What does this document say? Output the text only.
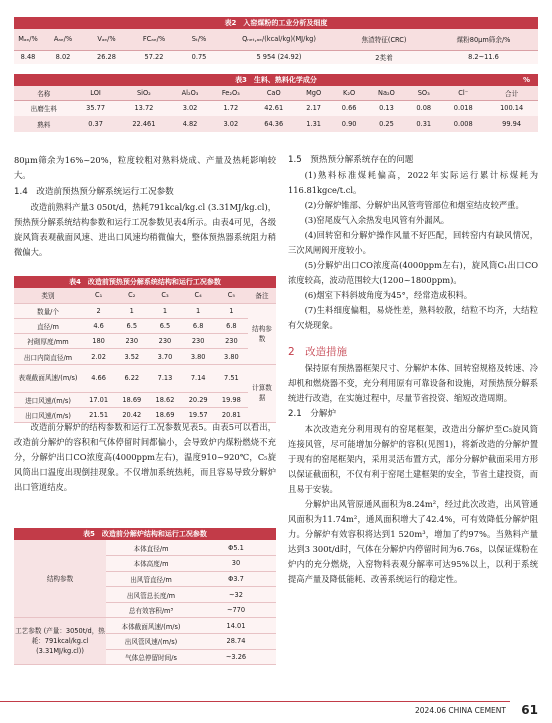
表2　入窑煤粉的工业分析及细度
Mₐₑ/%	Aₐₑ/%	Vₐₑ/%	FCₐₑ/%	Sₜ/%	Qₙₑₜ,ₐₑ/(kcal/kg)(MJ/kg)	焦渣特征(CRC)	煤粉80μm筛余/%
8.48	8.02	26.28	57.22	0.75	5 954 (24.92)	2类着	8.2~11.6
表3　生料、熟料化学成分	%
名称	LOI	SiO₂	Al₂O₃	Fe₂O₃	CaO	MgO	K₂O	Na₂O	SO₃	Cl⁻	合计
出磨生料	35.77	13.72	3.02	1.72	42.61	2.17	0.66	0.13	0.08	0.018	100.14
熟料	0.37	22.461	4.82	3.02	64.36	1.31	0.90	0.25	0.31	0.008	99.94

80μm筛余为16%~20%，粒度较粗对熟料烧成、产量及热耗影响较大。

1.4　改造前预热预分解系统运行工况参数

改造前熟料产量3 050t/d，热耗791kcal/kg.cl (3.31MJ/kg.cl)，预热预分解系统结构参数和运行工况参数见表4所示。由表4可见，各级旋风筒表观截面风速、进出口风速均稍微偏大，整体预热器系统阻力稍微偏大。

表4　改造前预热预分解系统结构和运行工况参数
类别	C₁	C₂	C₃	C₄	C₅	备注
数量/个	2	1	1	1	1	结构参数
直径/m	4.6	6.5	6.5	6.8	6.8	
衬砌厚度/mm	180	230	230	230	230	
出口内筒直径/m	2.02	3.52	3.70	3.80	3.80	
表观截面风速/(m/s)	4.66	6.22	7.13	7.14	7.51	计算数据
进口风速/(m/s)	17.01	18.69	18.62	20.29	19.98	
出口风速/(m/s)	21.51	20.42	18.69	19.57	20.81	

改造前分解炉的结构参数和运行工况参数见表5。由表5可以看出，改造前分解炉的容积和气体停留时间都偏小，会导致炉内煤粉燃烧不充分，分解炉出口CO浓度高(4000ppm左右)，温度910~920℃，C₅旋风筒出口温度出现倒挂现象。不仅增加系统热耗，而且容易导致分解炉出口管道结皮。

表5　改造前分解炉结构和运行工况参数
结构参数	本体直径/m	Φ5.1
	本体高度/m	30
	出风管直径/m	Φ3.7
	出风管总长度/m	~32
	总有效容积/m³	~770
工艺参数 (产量：3050t/d，热耗：791kcal/kg.cl (3.31MJ/kg.cl))	本体截面风速/(m/s)	14.01
	出风管风速/(m/s)	28.74
	气体总停留时间/s	~3.26
1.5　预热预分解系统存在的问题

(1)熟料标准煤耗偏高，2022年实际运行累计标煤耗为116.81kgce/t.cl。

(2)分解炉锥部、分解炉出风管弯管部位和烟室结皮较严重。

(3)窑尾废气入余热发电风管有外漏风。

(4)回转窑和分解炉操作风量不好匹配，回转窑内有缺风情况，三次风闸阀开度较小。

(5)分解炉出口CO浓度高(4000ppm左右)，旋风筒C₁出口CO浓度较高，波动范围较大(1200~1800ppm)。

(6)烟室下料斜坡角度为45°，经常造成积料。

(7)生料细度偏粗，易烧性差，熟料较散，结粒不均齐，大结粒有欠烧现象。

2　改造措施

保持原有预热器框架尺寸、分解炉本体、回转窑规格及转速、冷却机和燃烧器不变，充分利用原有可靠设备和设施，对预热预分解系统进行改造，在实施过程中，尽量节省投资、缩短改造周期。

2.1　分解炉

本次改造充分利用现有的窑尾框架，改造出分解炉至C₅旋风筒连接风管，尽可能增加分解炉的容积(见图1)，将新改造的分解炉置于现有的窑尾框架内，采用灵活布置方式，部分分解炉截面采用方形以保证截面积，不仅有利于窑尾土建框架的安全，节省土建投资，而且易于安装。

分解炉出风管原通风面积为8.24m²，经过此次改造，出风管通风面积为11.74m²，通风面积增大了42.4%，可有效降低分解炉阻力。分解炉有效容积将达到1 520m³，增加了约97%。当熟料产量达到3 300t/d时，气体在分解炉内停留时间为6.76s，以保证煤粉在炉内的充分燃烧，入窑物料表观分解率可达95%以上，以利于系统提高产量及降低能耗、改善系统运行的稳定性。

2024.06 CHINA CEMENT 61
